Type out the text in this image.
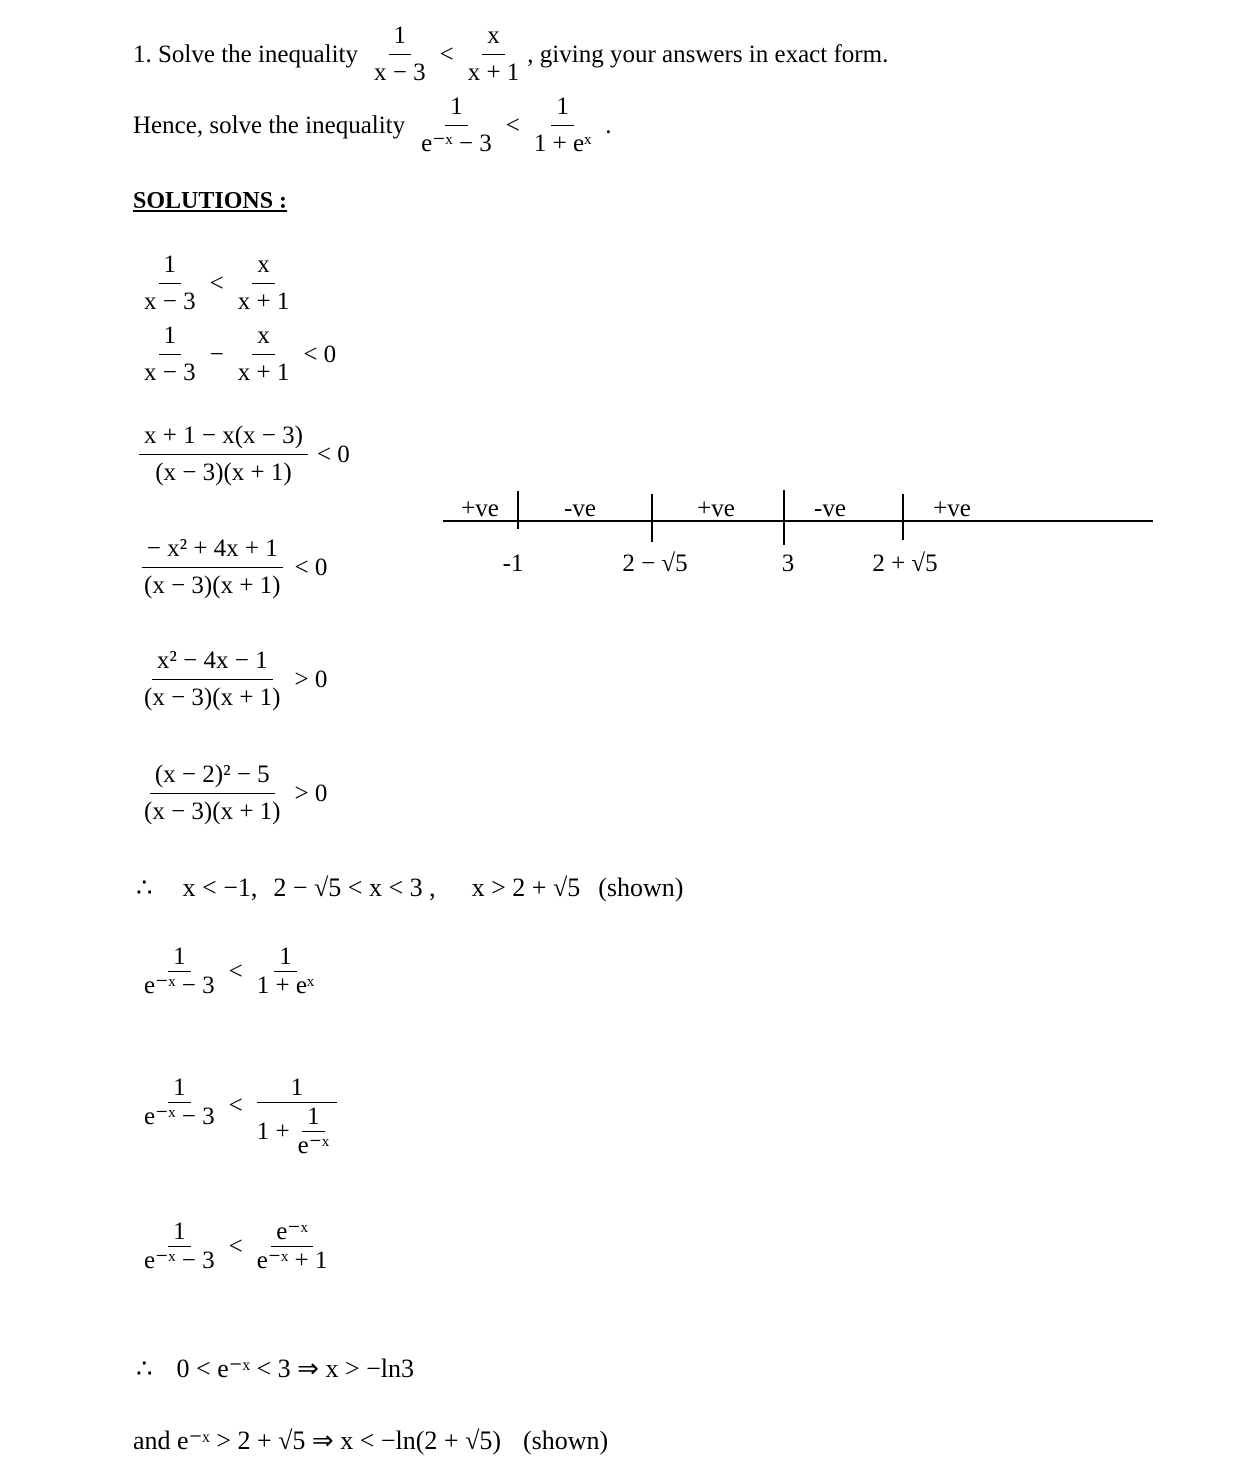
1. Solve the inequality $\frac{1}{x - 3} < \frac{x}{x + 1}$ , giving your answers in exact form.
Hence, solve the inequality $\frac{1}{\text{e⁻ˣ − 3}} < \frac{1}{\text{1 + eˣ}}$ .
SOLUTIONS :
$\frac{1}{x - 3} < \frac{x}{x + 1}$
$\frac{1}{x - 3} - \frac{x}{x + 1} < 0$
$\frac{x + 1 - x(x - 3)}{(x - 3)(x + 1)} < 0$
$\frac{\text{− x² + 4x + 1}}{(x - 3)(x + 1)} < 0$
$\frac{\text{x² − 4x − 1}}{(x - 3)(x + 1)} > 0$
$\frac{\text{(x − 2)² − 5}}{(x - 3)(x + 1)} > 0$
∴ x < −1, 2 − √5 < x < 3 , x > 2 + √5 (shown)
$\frac{1}{\text{e⁻ˣ − 3}} < \frac{1}{\text{1 + eˣ}}$
$\frac{1}{\text{e⁻ˣ − 3}} < \frac{1}{1 + \frac{1}{\text{e⁻ˣ}}}$
$\frac{1}{\text{e⁻ˣ − 3}} < \frac{\text{e⁻ˣ}}{\text{e⁻ˣ + 1}}$
∴ 0 < e⁻ˣ < 3 ⇒ x > −ln3
and e⁻ˣ > 2 + √5 ⇒ x < −ln(2 + √5) (shown)
+ve	-ve	+ve	-ve	+ve
-1	2 − √5	3	2 + √5
